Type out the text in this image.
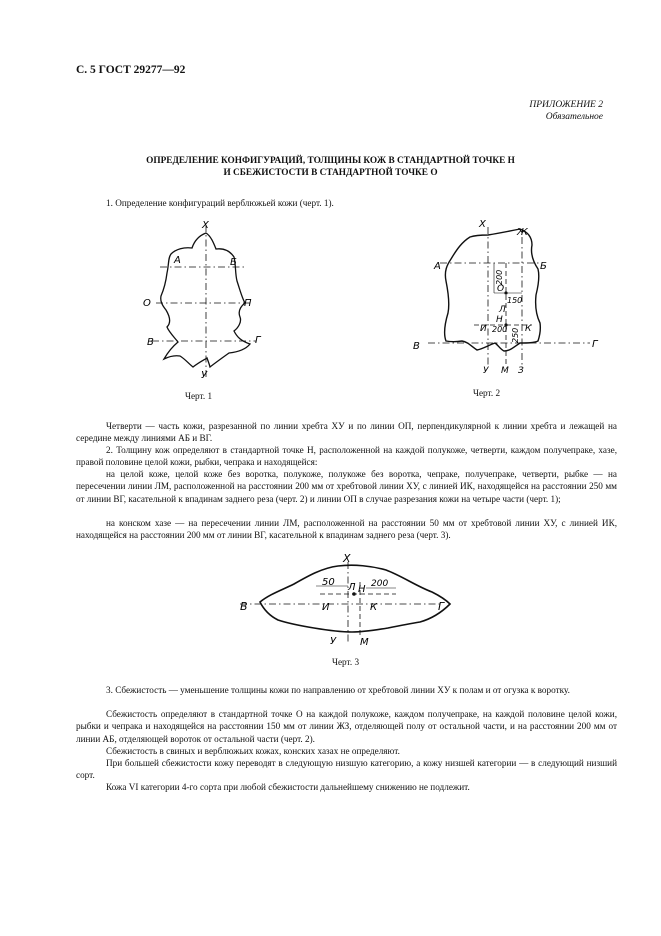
С. 5 ГОСТ 29277—92
ПРИЛОЖЕНИЕ 2
Обязательное
ОПРЕДЕЛЕНИЕ КОНФИГУРАЦИЙ, ТОЛЩИНЫ КОЖ В СТАНДАРТНОЙ ТОЧКЕ Н
И СБЕЖИСТОСТИ В СТАНДАРТНОЙ ТОЧКЕ О
1. Определение конфигураций верблюжьей кожи (черт. 1).
Х
А	Б
О	П
В	Г
У
Черт. 1
Х
Ж
А	Б
200
О
150
Л
Н
200
И	К
250
В	Г
У М З
Черт. 2
Четверти — часть кожи, разрезанной по линии хребта ХУ и по линии ОП, перпендикулярной к линии хребта и лежащей на середине между линиями АБ и ВГ.
2. Толщину кож определяют в стандартной точке Н, расположенной на каждой полукоже, четверти, каждом получепраке, хазе, правой половине целой кожи, рыбки, чепрака и находящейся:
на целой коже, целой коже без воротка, полукоже, полукоже без воротка, чепраке, получепраке, четверти, рыбке — на пересечении линии ЛМ, расположенной на расстоянии 200 мм от хребтовой линии ХУ, с линией ИК, находящейся на расстоянии 250 мм от линии ВГ, касательной к впадинам заднего реза (черт. 2) и линии ОП в случае разрезания кожи на четыре части (черт. 1);
на конском хазе — на пересечении линии ЛМ, расположенной на расстоянии 50 мм от хребтовой линии ХУ, с линией ИК, находящейся на расстоянии 200 мм от линии ВГ, касательной к впадинам заднего реза (черт. 3).
Х
50 Л Н 200
В	И	К	Г
У М
Черт. 3
3. Сбежистость — уменьшение толщины кожи по направлению от хребтовой линии ХУ к полам и от огузка к воротку.
Сбежистость определяют в стандартной точке О на каждой полукоже, каждом получепраке, на каждой половине целой кожи, рыбки и чепрака и находящейся на расстоянии 150 мм от линии ЖЗ, отделяющей полу от остальной части, и на расстоянии 200 мм от линии АБ, отделяющей вороток от остальной части (черт. 2).
Сбежистость в свиных и верблюжьих кожах, конских хазах не определяют.
При большей сбежистости кожу переводят в следующую низшую категорию, а кожу низшей категории — в следующий низший сорт.
Кожа VI категории 4-го сорта при любой сбежистости дальнейшему снижению не подлежит.
